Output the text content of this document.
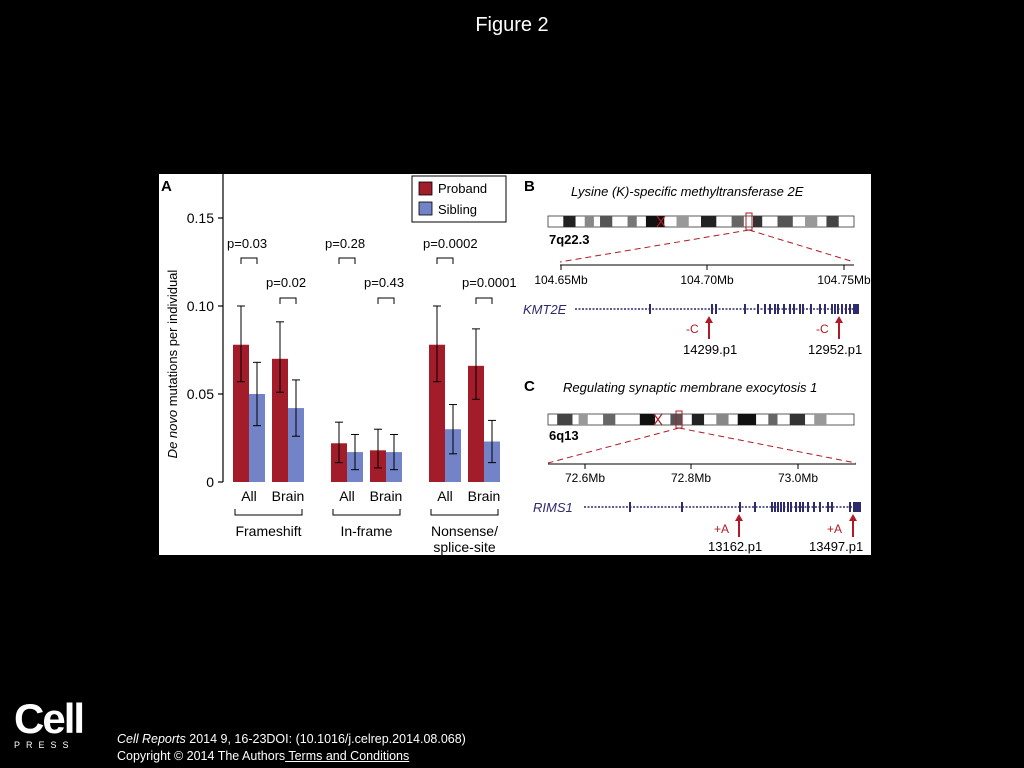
Figure 2
A
De novo mutations per individual
0
0.05
0.10
0.15
All
p=0.03
Brain
p=0.02
Frameshift
All
p=0.28
Brain
p=0.43
In-frame
All
p=0.0002
Brain
p=0.0001
Nonsense/
splice-site
Proband
Sibling
B	Lysine (K)-specific methyltransferase 2E
7q22.3
104.65Mb	104.70Mb	104.75Mb
KMT2E
-C	-C
14299.p1	12952.p1
C Regulating synaptic membrane exocytosis 1
6q13
72.6Mb	72.8Mb	73.0Mb
RIMS1
+A	+A
13162.p1	13497.p1
Cell
PRESS	Cell Reports 2014 9, 16-23DOI: (10.1016/j.celrep.2014.08.068)
Copyright © 2014 The Authors Terms and Conditions
